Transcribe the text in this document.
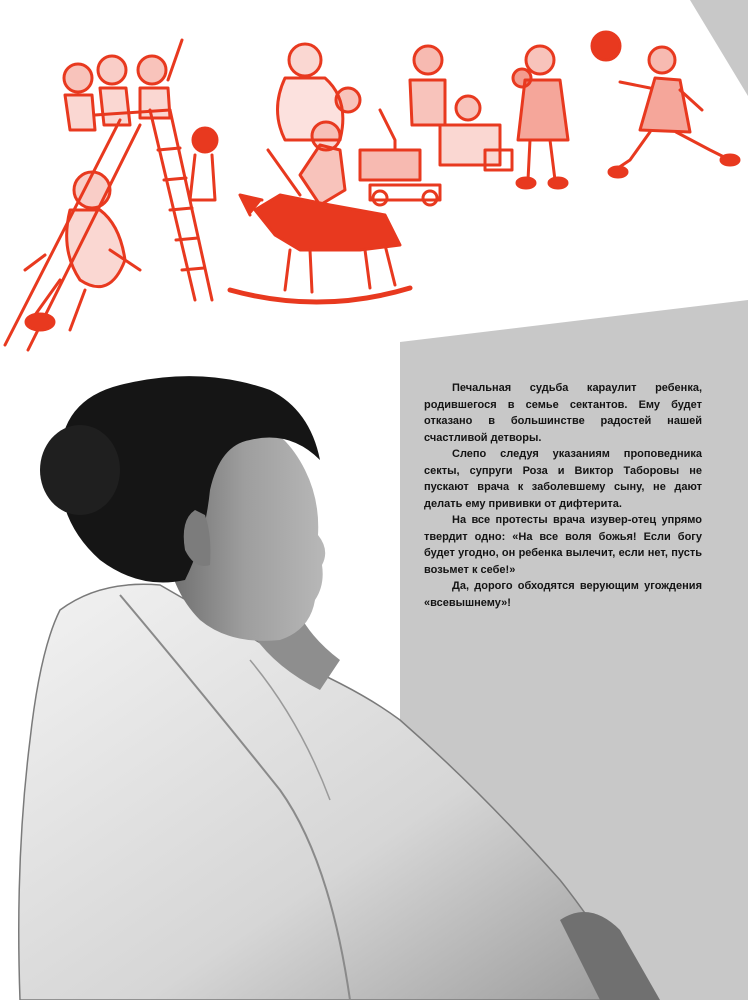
Печальная судьба караулит ребенка, родившегося в семье сектантов. Ему будет отказано в большинстве радостей нашей счастливой детворы.

Слепо следуя указаниям проповедника секты, супруги Роза и Виктор Таборовы не пускают врача к заболевшему сыну, не дают делать ему прививки от дифтерита.

На все протесты врача изувер-отец упрямо твердит одно: «На все воля божья! Если богу будет угодно, он ребенка вылечит, если нет, пусть возьмет к себе!»

Да, дорого обходятся верующим угождения «всевышнему»!
